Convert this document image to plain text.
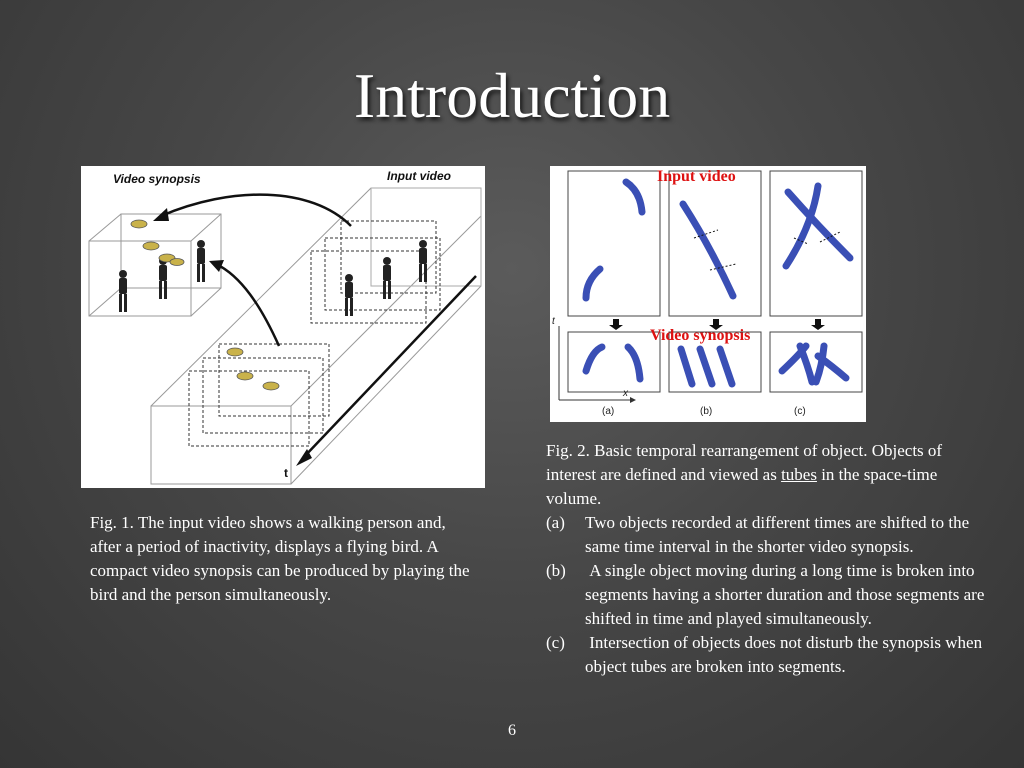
Introduction
Video synopsis	Input video
t
Input video
Video synopsis
t
x
(a)	(b)	(c)
Fig. 1. The input video shows a walking person and, after a period of inactivity, displays a flying bird. A compact video synopsis can be produced by playing the bird and the person simultaneously.
Fig. 2. Basic temporal rearrangement of object. Objects of interest are defined and viewed as tubes in the space-time volume.
(a)	Two objects recorded at different times are shifted to the same time interval in the shorter video synopsis.
(b)	A single object moving during a long time is broken into segments having a shorter duration and those segments are shifted in time and played simultaneously.
(c)	Intersection of objects does not disturb the synopsis when object tubes are broken into segments.
6
